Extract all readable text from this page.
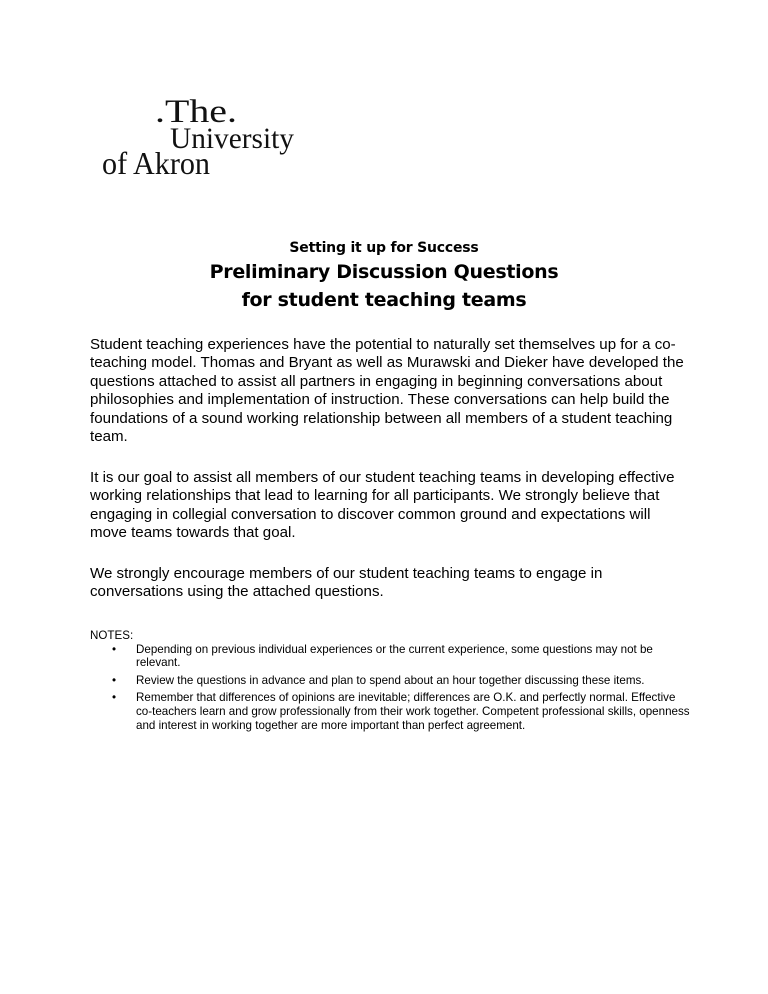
.The.
University
of Akron
Setting it up for Success
Preliminary Discussion Questions
for student teaching teams

Student teaching experiences have the potential to naturally set themselves up for a co-teaching model. Thomas and Bryant as well as Murawski and Dieker have developed the questions attached to assist all partners in engaging in beginning conversations about philosophies and implementation of instruction. These conversations can help build the foundations of a sound working relationship between all members of a student teaching team.

It is our goal to assist all members of our student teaching teams in developing effective working relationships that lead to learning for all participants. We strongly believe that engaging in collegial conversation to discover common ground and expectations will move teams towards that goal.

We strongly encourage members of our student teaching teams to engage in conversations using the attached questions.

NOTES:

• Depending on previous individual experiences or the current experience, some questions may not be relevant.
• Review the questions in advance and plan to spend about an hour together discussing these items.
• Remember that differences of opinions are inevitable; differences are O.K. and perfectly normal. Effective co-teachers learn and grow professionally from their work together. Competent professional skills, openness and interest in working together are more important than perfect agreement.
